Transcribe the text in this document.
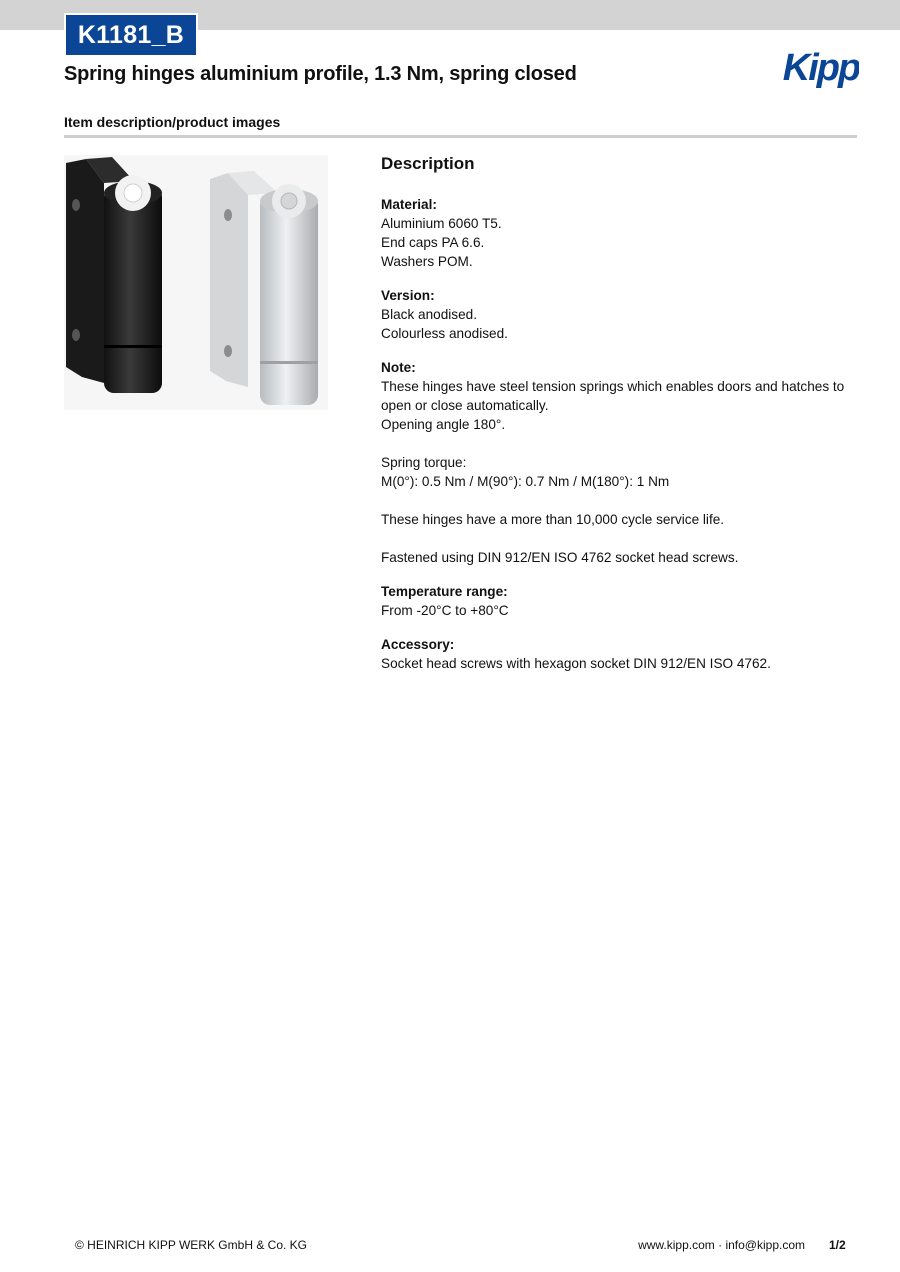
K1181_B
Spring hinges aluminium profile, 1.3 Nm, spring closed	Kipp
Item description/product images
Description
Material:
Aluminium 6060 T5.
End caps PA 6.6.
Washers POM.
Version:
Black anodised.
Colourless anodised.
Note:
These hinges have steel tension springs which enables doors and hatches to open or close automatically.
Opening angle 180°.
Spring torque:
M(0°): 0.5 Nm / M(90°): 0.7 Nm / M(180°): 1 Nm
These hinges have a more than 10,000 cycle service life.
Fastened using DIN 912/EN ISO 4762 socket head screws.
Temperature range:
From -20°C to +80°C
Accessory:
Socket head screws with hexagon socket DIN 912/EN ISO 4762.
© HEINRICH KIPP WERK GmbH & Co. KG	www.kipp.com · info@kipp.com 1/2
